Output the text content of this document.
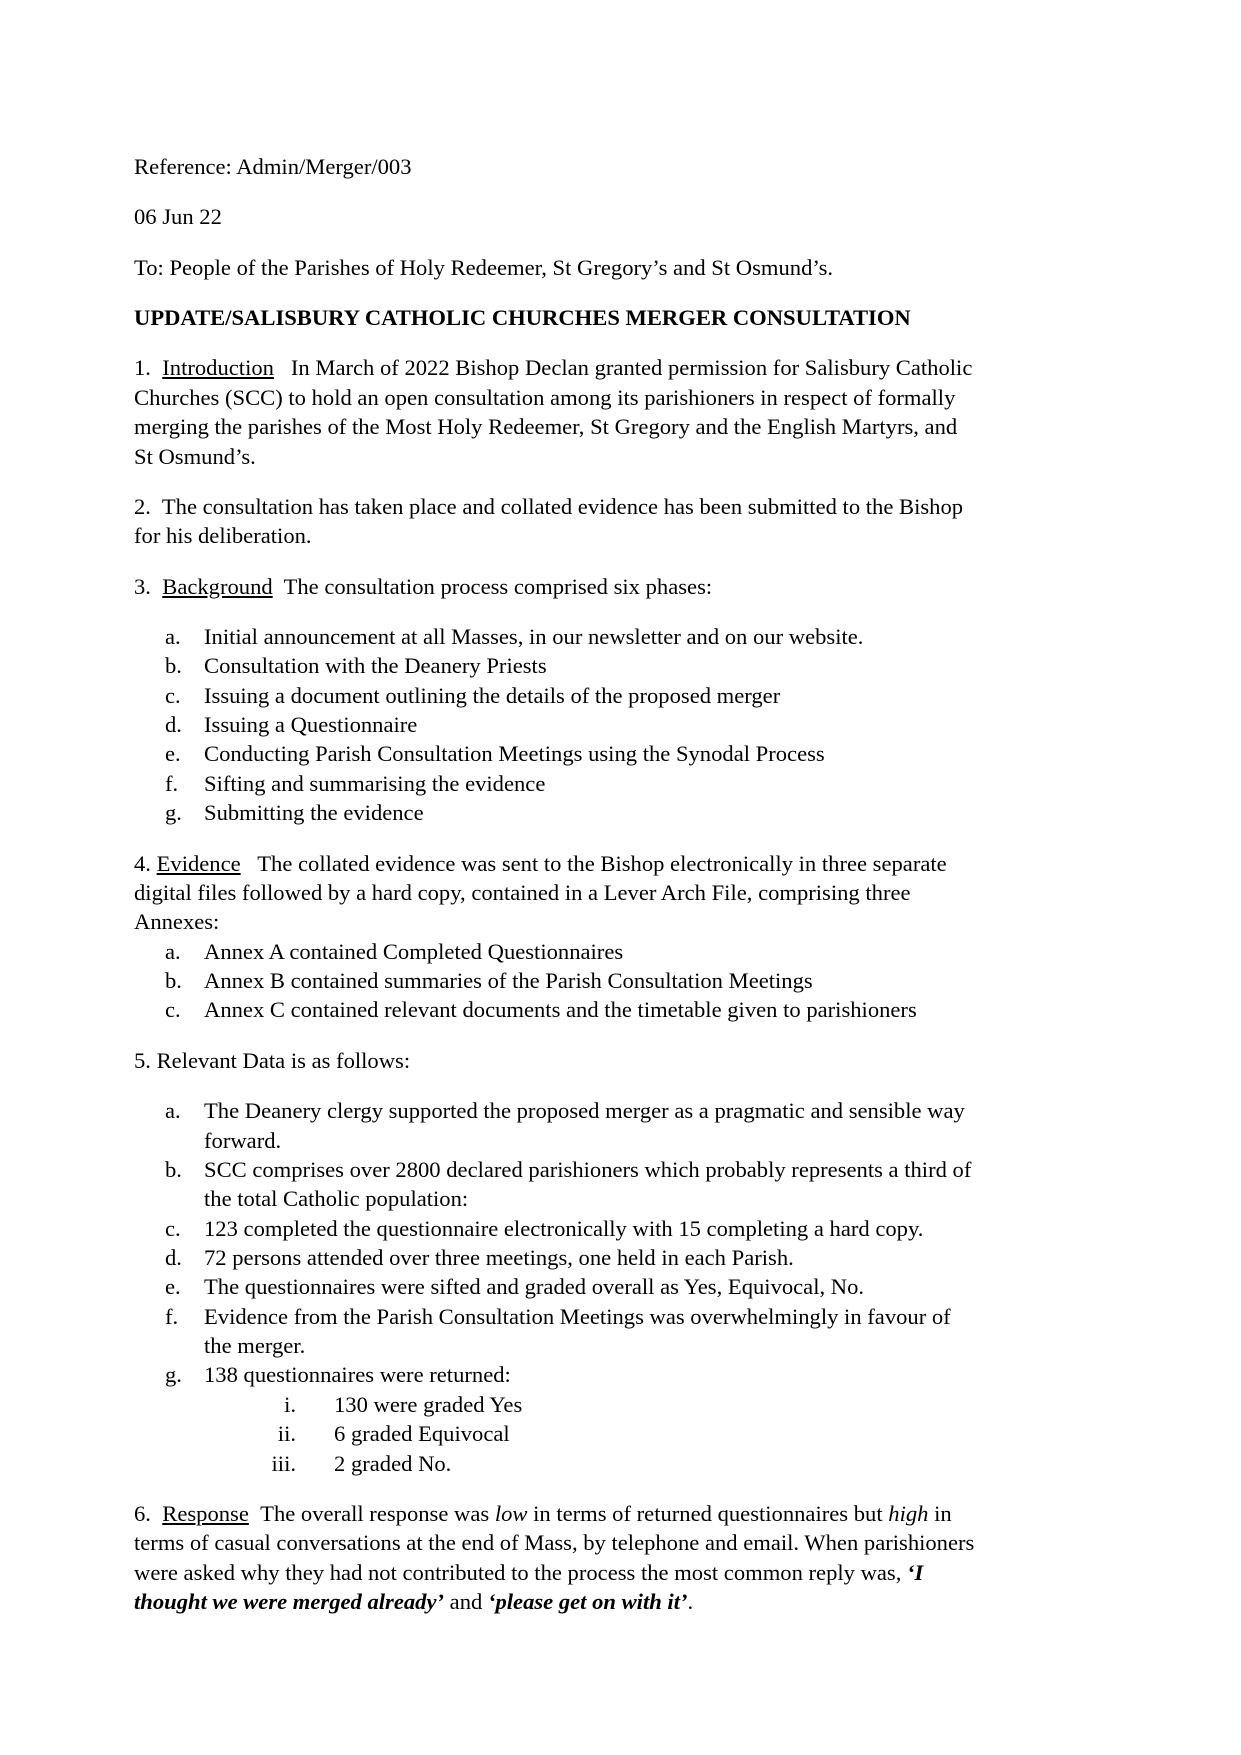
Reference: Admin/Merger/003

06 Jun 22

To: People of the Parishes of Holy Redeemer, St Gregory’s and St Osmund’s.

UPDATE/SALISBURY CATHOLIC CHURCHES MERGER CONSULTATION

1. Introduction In March of 2022 Bishop Declan granted permission for Salisbury Catholic Churches (SCC) to hold an open consultation among its parishioners in respect of formally merging the parishes of the Most Holy Redeemer, St Gregory and the English Martyrs, and St Osmund’s.

2. The consultation has taken place and collated evidence has been submitted to the Bishop for his deliberation.

3. Background The consultation process comprised six phases:

a.	Initial announcement at all Masses, in our newsletter and on our website.
b. Consultation with the Deanery Priests
c.	Issuing a document outlining the details of the proposed merger
d. Issuing a Questionnaire
e.	Conducting Parish Consultation Meetings using the Synodal Process
f.	Sifting and summarising the evidence
g. Submitting the evidence

4. Evidence The collated evidence was sent to the Bishop electronically in three separate digital files followed by a hard copy, contained in a Lever Arch File, comprising three Annexes:

a.	Annex A contained Completed Questionnaires
b. Annex B contained summaries of the Parish Consultation Meetings
c.	Annex C contained relevant documents and the timetable given to parishioners

5. Relevant Data is as follows:

a.	The Deanery clergy supported the proposed merger as a pragmatic and sensible way forward.
b. SCC comprises over 2800 declared parishioners which probably represents a third of the total Catholic population:
c.	123 completed the questionnaire electronically with 15 completing a hard copy.
d. 72 persons attended over three meetings, one held in each Parish.
e.	The questionnaires were sifted and graded overall as Yes, Equivocal, No.
f.	Evidence from the Parish Consultation Meetings was overwhelmingly in favour of the merger.
g. 138 questionnaires were returned:
i. 130 were graded Yes
ii. 6 graded Equivocal
iii. 2 graded No.

6. Response The overall response was low in terms of returned questionnaires but high in terms of casual conversations at the end of Mass, by telephone and email. When parishioners were asked why they had not contributed to the process the most common reply was, ‘I thought we were merged already’ and ‘please get on with it’.
